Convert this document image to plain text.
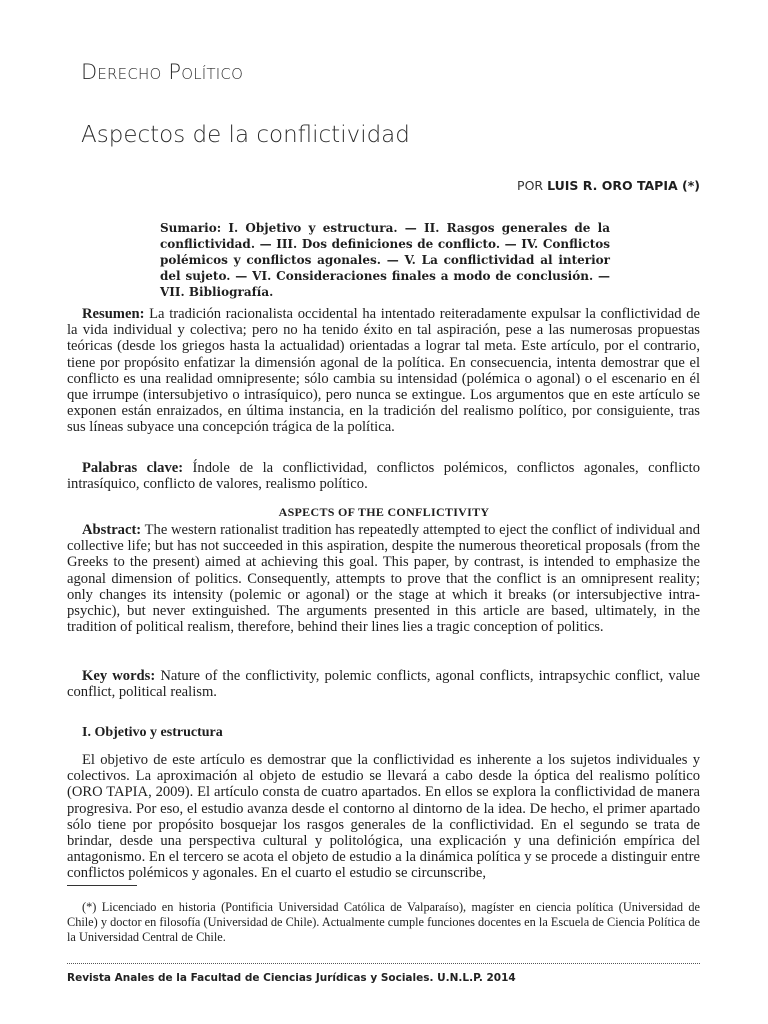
Derecho Político
Aspectos de la conflictividad
POR LUIS R. ORO TAPIA (*)
Sumario: I. Objetivo y estructura. — II. Rasgos generales de la conflictividad. — III. Dos definiciones de conflicto. — IV. Conflictos polémicos y conflictos agonales. — V. La conflictividad al interior del sujeto. — VI. Consideraciones finales a modo de conclusión. — VII. Bibliografía.

Resumen: La tradición racionalista occidental ha intentado reiteradamente expulsar la conflictividad de la vida individual y colectiva; pero no ha tenido éxito en tal aspiración, pese a las numerosas propuestas teóricas (desde los griegos hasta la actualidad) orientadas a lograr tal meta. Este artículo, por el contrario, tiene por propósito enfatizar la dimensión agonal de la política. En consecuencia, intenta demostrar que el conflicto es una realidad omnipresente; sólo cambia su intensidad (polémica o agonal) o el escenario en él que irrumpe (intersubjetivo o intrasíquico), pero nunca se extingue. Los argumentos que en este artículo se exponen están enraizados, en última instancia, en la tradición del realismo político, por consiguiente, tras sus líneas subyace una concepción trágica de la política.

Palabras clave: Índole de la conflictividad, conflictos polémicos, conflictos agonales, conflicto intrasíquico, conflicto de valores, realismo político.

ASPECTS OF THE CONFLICTIVITY

Abstract: The western rationalist tradition has repeatedly attempted to eject the conflict of individual and collective life; but has not succeeded in this aspiration, despite the numerous theoretical proposals (from the Greeks to the present) aimed at achieving this goal. This paper, by contrast, is intended to emphasize the agonal dimension of politics. Consequently, attempts to prove that the conflict is an omnipresent reality; only changes its intensity (polemic or agonal) or the stage at which it breaks (or intersubjective intra-psychic), but never extinguished. The arguments presented in this article are based, ultimately, in the tradition of political realism, therefore, behind their lines lies a tragic conception of politics.

Key words: Nature of the conflictivity, polemic conflicts, agonal conflicts, intrapsychic conflict, value conflict, political realism.

I. Objetivo y estructura

El objetivo de este artículo es demostrar que la conflictividad es inherente a los sujetos individuales y colectivos. La aproximación al objeto de estudio se llevará a cabo desde la óptica del realismo político (ORO TAPIA, 2009). El artículo consta de cuatro apartados. En ellos se explora la conflictividad de manera progresiva. Por eso, el estudio avanza desde el contorno al dintorno de la idea. De hecho, el primer apartado sólo tiene por propósito bosquejar los rasgos generales de la conflictividad. En el segundo se trata de brindar, desde una perspectiva cultural y politológica, una explicación y una definición empírica del antagonismo. En el tercero se acota el objeto de estudio a la dinámica política y se procede a distinguir entre conflictos polémicos y agonales. En el cuarto el estudio se circunscribe,

(*) Licenciado en historia (Pontificia Universidad Católica de Valparaíso), magíster en ciencia política (Universidad de Chile) y doctor en filosofía (Universidad de Chile). Actualmente cumple funciones docentes en la Escuela de Ciencia Política de la Universidad Central de Chile.

Revista Anales de la Facultad de Ciencias Jurídicas y Sociales. U.N.L.P. 2014
